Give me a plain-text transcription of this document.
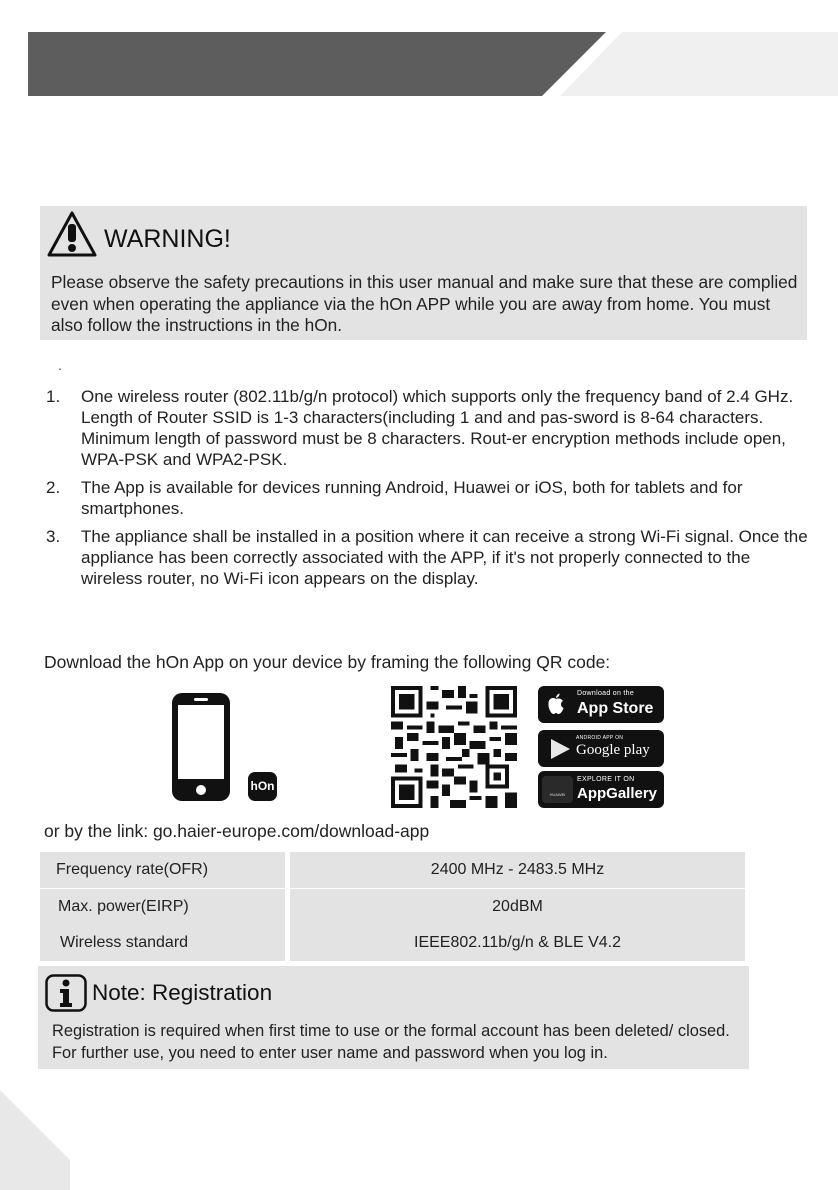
WARNING!

Please observe the safety precautions in this user manual and make sure that these are complied even when operating the appliance via the hOn APP while you are away from home. You must also follow the instructions in the hOn.

.
1. One wireless router (802.11b/g/n protocol) which supports only the frequency band of 2.4 GHz. Length of Router SSID is 1-3 characters(including 1 and and pas-sword is 8-64 characters. Minimum length of password must be 8 characters. Rout-er encryption methods include open, WPA-PSK and WPA2-PSK.

2. The App is available for devices running Android, Huawei or iOS, both for tablets and for smartphones.

3. The appliance shall be installed in a position where it can receive a strong Wi-Fi signal. Once the appliance has been correctly associated with the APP, if it's not properly connected to the wireless router, no Wi-Fi icon appears on the display.

Download the hOn App on your device by framing the following QR code:
hOn
Download on the
App Store
ANDROID APP ON
Google play
HUAWEI
EXPLORE IT ON
AppGallery
or by the link: go.haier-europe.com/download-app
Frequency rate(OFR)	2400 MHz - 2483.5 MHz
Max. power(EIRP)	20dBM
Wireless standard	IEEE802.11b/g/n & BLE V4.2
Note: Registration

Registration is required when first time to use or the formal account has been deleted/ closed. For further use, you need to enter user name and password when you log in.
